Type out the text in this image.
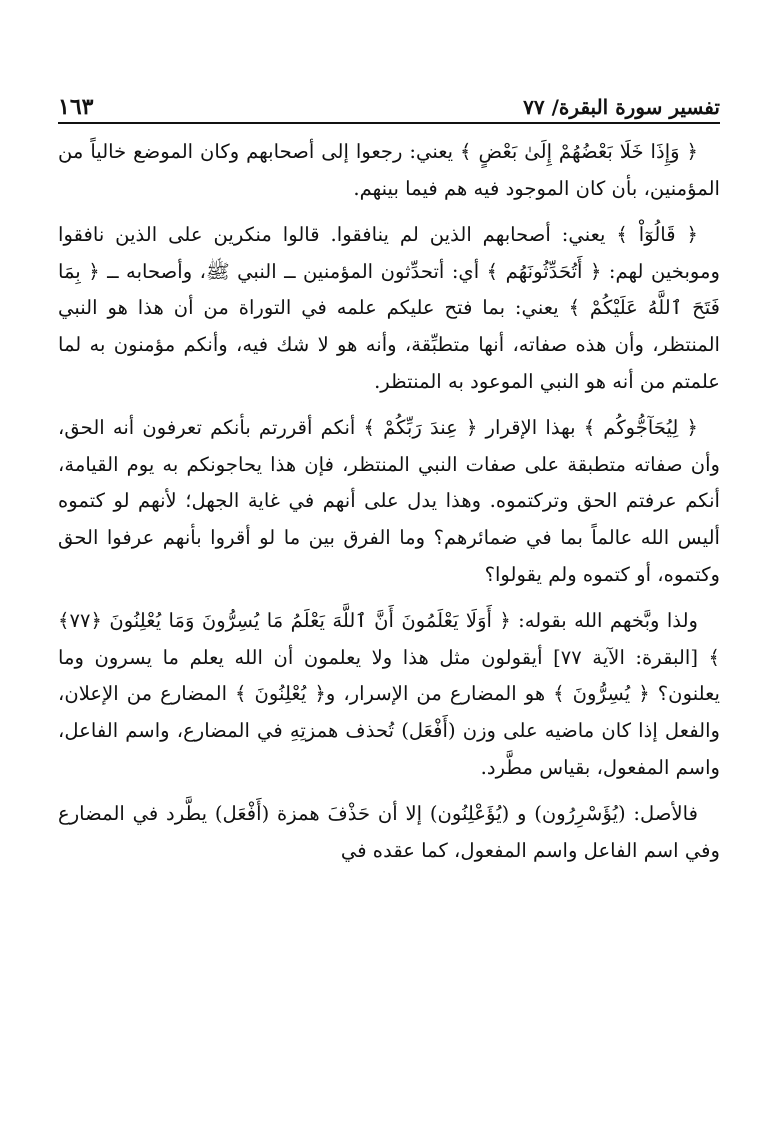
تفسير سورة البقرة/ ٧٧
١٦٣

﴿ وَإِذَا خَلَا بَعْضُهُمْ إِلَىٰ بَعْضٍ ﴾ يعني: رجعوا إلى أصحابهم وكان الموضع خالياً من المؤمنين، بأن كان الموجود فيه هم فيما بينهم.

﴿ قَالُوٓاْ ﴾ يعني: أصحابهم الذين لم ينافقوا. قالوا منكرين على الذين نافقوا وموبخين لهم: ﴿ أَتُحَدِّثُونَهُم ﴾ أي: أتحدِّثون المؤمنين ــ النبي ﷺ، وأصحابه ــ ﴿ بِمَا فَتَحَ ٱللَّهُ عَلَيْكُمْ ﴾ يعني: بما فتح عليكم علمه في التوراة من أن هذا هو النبي المنتظر، وأن هذه صفاته، أنها متطبِّقة، وأنه هو لا شك فيه، وأنكم مؤمنون به لما علمتم من أنه هو النبي الموعود به المنتظر.

﴿ لِيُحَآجُّوكُم ﴾ بهذا الإقرار ﴿ عِندَ رَبِّكُمْ ﴾ أنكم أقررتم بأنكم تعرفون أنه الحق، وأن صفاته متطبقة على صفات النبي المنتظر، فإن هذا يحاجونكم به يوم القيامة، أنكم عرفتم الحق وتركتموه. وهذا يدل على أنهم في غاية الجهل؛ لأنهم لو كتموه أليس الله عالماً بما في ضمائرهم؟ وما الفرق بين ما لو أقروا بأنهم عرفوا الحق وكتموه، أو كتموه ولم يقولوا؟

ولذا وبَّخهم الله بقوله: ﴿ أَوَلَا يَعْلَمُونَ أَنَّ ٱللَّهَ يَعْلَمُ مَا يُسِرُّونَ وَمَا يُعْلِنُونَ ﴿٧٧﴾ ﴾ [البقرة: الآية ٧٧] أيقولون مثل هذا ولا يعلمون أن الله يعلم ما يسرون وما يعلنون؟ ﴿ يُسِرُّونَ ﴾ هو المضارع من الإسرار، و﴿ يُعْلِنُونَ ﴾ المضارع من الإعلان، والفعل إذا كان ماضيه على وزن (أَفْعَل) تُحذف همزتِهِ في المضارع، واسم الفاعل، واسم المفعول، بقياس مطَّرد.

فالأصل: (يُؤَسْرِرُون) و (يُؤَعْلِنُون) إلا أن حَذْفَ همزة (أَفْعَل) يطَّرد في المضارع وفي اسم الفاعل واسم المفعول، كما عقده في
